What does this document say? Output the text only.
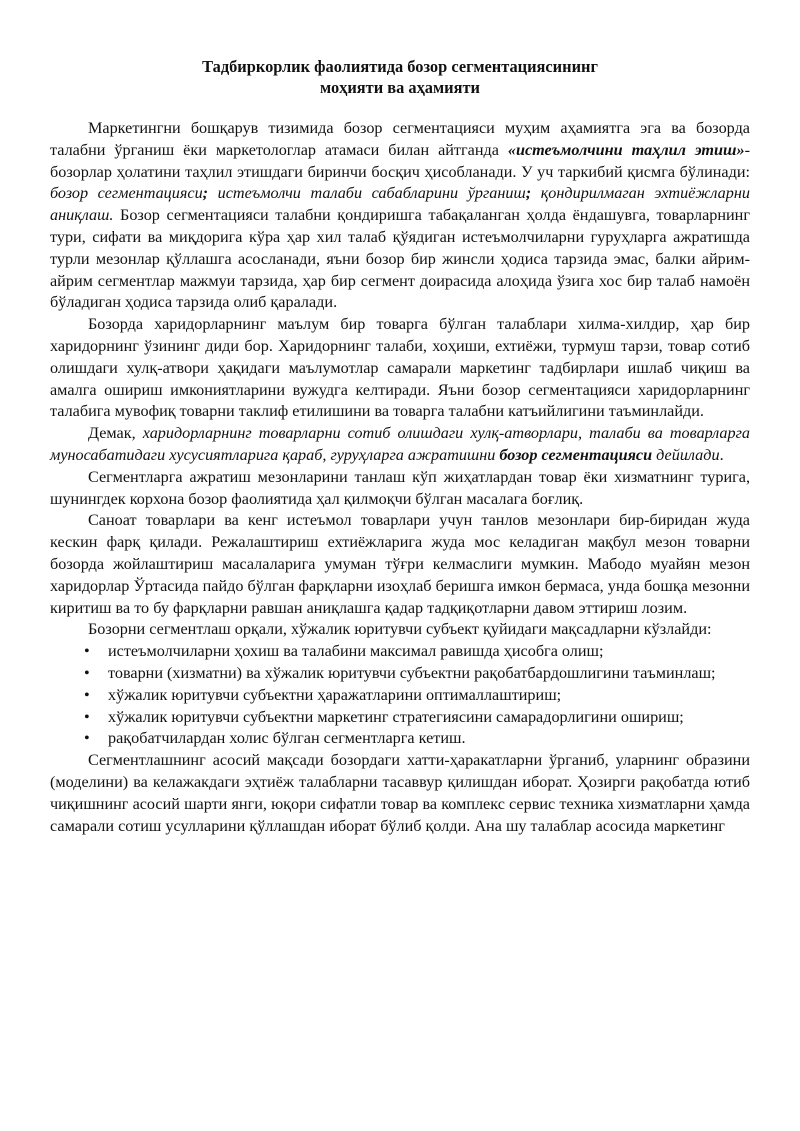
Тадбиркорлик фаолиятида бозор сегментациясининг
моҳияти ва аҳамияти

Маркетингни бошқарув тизимида бозор сегментацияси муҳим аҳамиятга эга ва бозорда талабни ўрганиш ёки маркетологлар атамаси билан айтганда «истеъмолчини таҳлил этиш»- бозорлар ҳолатини таҳлил этишдаги биринчи босқич ҳисобланади. У уч таркибий қисмга бўлинади: бозор сегментацияси; истеъмолчи талаби сабабларини ўрганиш; қондирилмаган эхтиёжларни аниқлаш. Бозор сегментацияси талабни қондиришга табақаланган ҳолда ёндашувга, товарларнинг тури, сифати ва миқдорига кўра ҳар хил талаб қўядиган истеъмолчиларни гуруҳларга ажратишда турли мезонлар қўллашга асосланади, яъни бозор бир жинсли ҳодиса тарзида эмас, балки айрим-айрим сегментлар мажмуи тарзида, ҳар бир сегмент доирасида алоҳида ўзига хос бир талаб намоён бўладиган ҳодиса тарзида олиб қаралади.

Бозорда харидорларнинг маълум бир товарга бўлган талаблари хилма-хилдир, ҳар бир харидорнинг ўзининг диди бор. Харидорнинг талаби, хоҳиши, ехтиёжи, турмуш тарзи, товар сотиб олишдаги хулқ-атвори ҳақидаги маълумотлар самарали маркетинг тадбирлари ишлаб чиқиш ва амалга ошириш имкониятларини вужудга келтиради. Яъни бозор сегментацияси харидорларнинг талабига мувофиқ товарни таклиф етилишини ва товарга талабни катъийлигини таъминлайди.

Демак, харидорларнинг товарларни сотиб олишдаги хулқ-атворлари, талаби ва товарларга муносабатидаги хусусиятларига қараб, гуруҳларга ажратишни бозор сегментацияси дейилади.

Сегментларга ажратиш мезонларини танлаш кўп жиҳатлардан товар ёки хизматнинг турига, шунингдек корхона бозор фаолиятида ҳал қилмоқчи бўлган масалага боғлиқ.

Саноат товарлари ва кенг истеъмол товарлари учун танлов мезонлари бир-биридан жуда кескин фарқ қилади. Режалаштириш ехтиёжларига жуда мос келадиган мақбул мезон товарни бозорда жойлаштириш масалаларига умуман тўғри келмаслиги мумкин. Мабодо муайян мезон харидорлар Ўртасида пайдо бўлган фарқларни изоҳлаб беришга имкон бермаса, унда бошқа мезонни киритиш ва то бу фарқларни равшан аниқлашга қадар тадқиқотларни давом эттириш лозим.

Бозорни сегментлаш орқали, хўжалик юритувчи субъект қуйидаги мақсадларни кўзлайди:

• истеъмолчиларни ҳохиш ва талабини максимал равишда ҳисобга олиш;
• товарни (хизматни) ва хўжалик юритувчи субъектни рақобатбардошлигини таъминлаш;
• хўжалик юритувчи субъектни ҳаражатларини оптималлаштириш;
• хўжалик юритувчи субъектни маркетинг стратегиясини самарадорлигини ошириш;
• рақобатчилардан холис бўлган сегментларга кетиш.

Сегментлашнинг асосий мақсади бозордаги хатти-ҳаракатларни ўрганиб, уларнинг образини (моделини) ва келажакдаги эҳтиёж талабларни тасаввур қилишдан иборат. Ҳозирги рақобатда ютиб чиқишнинг асосий шарти янги, юқори сифатли товар ва комплекс сервис техника хизматларни ҳамда самарали сотиш усулларини қўллашдан иборат бўлиб қолди. Ана шу талаблар асосида маркетинг
